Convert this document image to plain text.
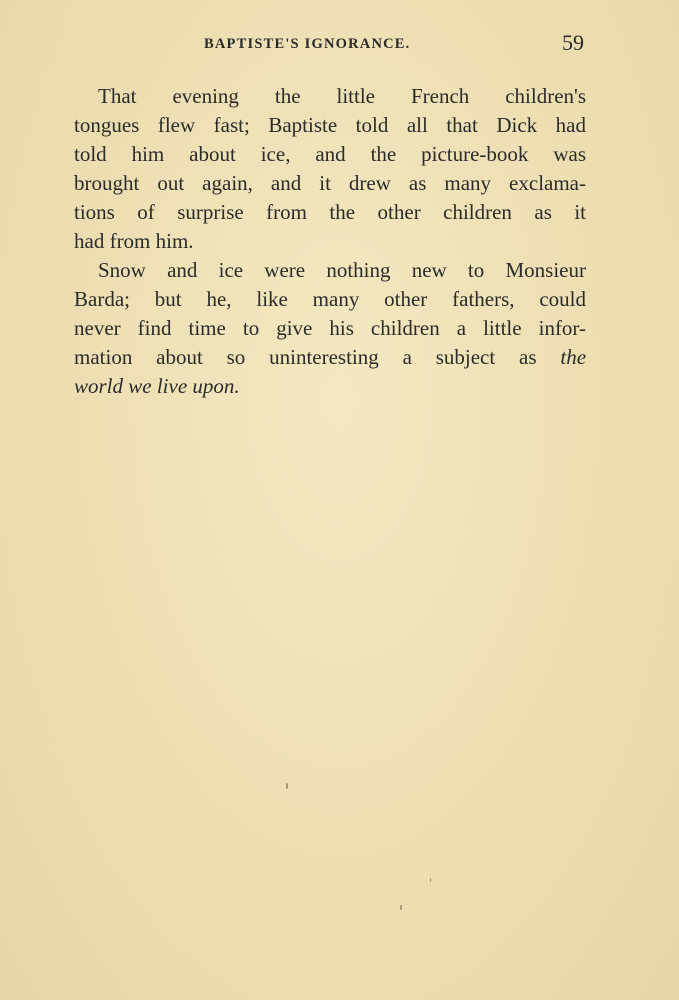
BAPTISTE'S IGNORANCE.	59
That evening the little French children's
tongues flew fast; Baptiste told all that Dick had
told him about ice, and the picture-book was
brought out again, and it drew as many exclama-
tions of surprise from the other children as it
had from him.
Snow and ice were nothing new to Monsieur
Barda; but he, like many other fathers, could
never find time to give his children a little infor-
mation about so uninteresting a subject as the
world we live upon.
